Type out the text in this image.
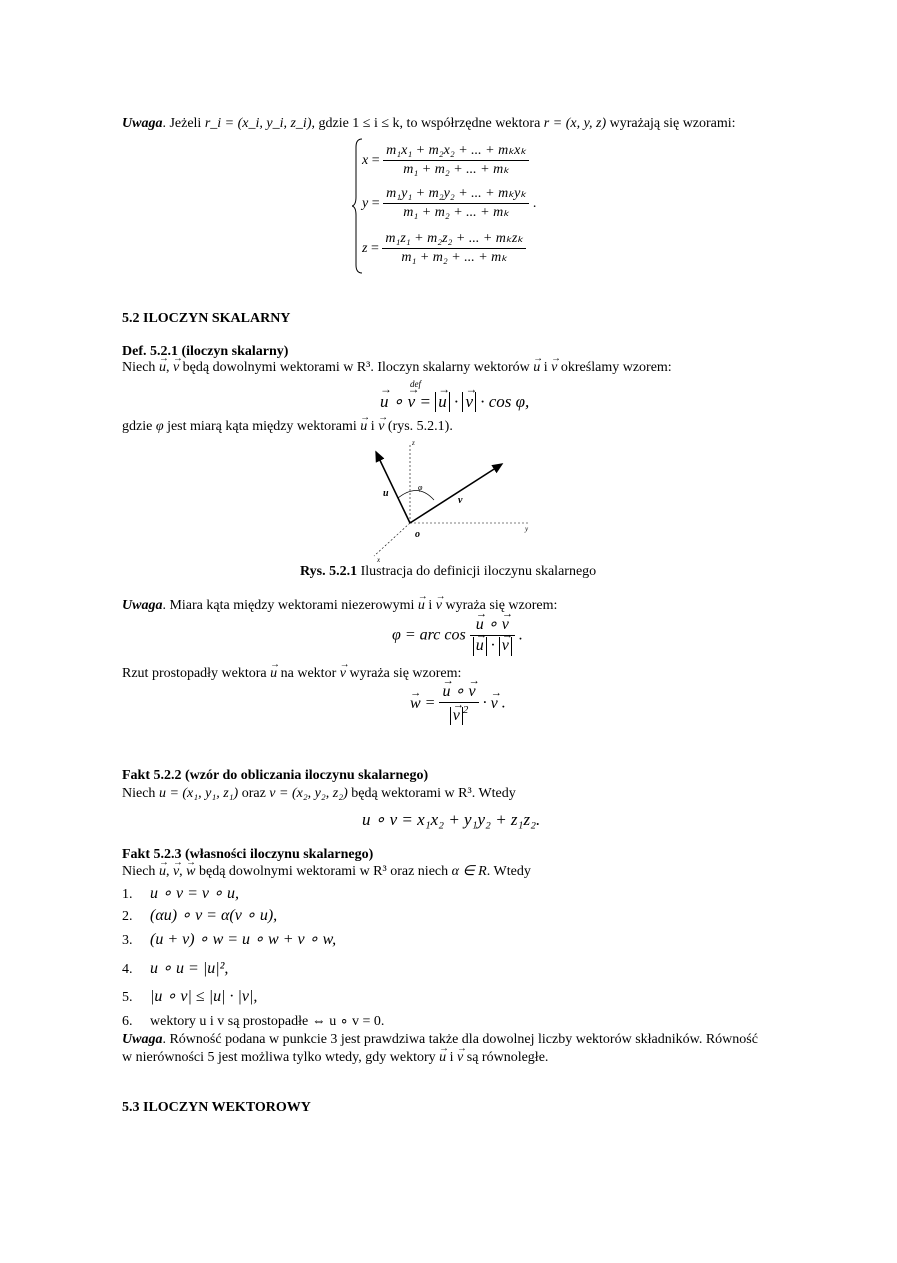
Uwaga. Jeżeli r_i = (x_i, y_i, z_i), gdzie 1 ≤ i ≤ k, to współrzędne wektora r = (x, y, z) wyrażają się wzorami:
$x = \frac{\text{m₁x₁ + m₂x₂ + ... + mₖxₖ}}{\text{m₁ + m₂ + ... + mₖ}}$
$y = \frac{\text{m₁y₁ + m₂y₂ + ... + mₖyₖ}}{\text{m₁ + m₂ + ... + mₖ}}$ .
$z = \frac{\text{m₁z₁ + m₂z₂ + ... + mₖzₖ}}{\text{m₁ + m₂ + ... + mₖ}}$
5.2 ILOCZYN SKALARNY
Def. 5.2.1 (iloczyn skalarny)
Niech → u, → v będą dowolnymi wektorami w R³. Iloczyn skalarny wektorów → u i → v określamy wzorem:
def
→ u ∘ → v = → u · → v · cos φ,
gdzie φ jest miarą kąta między wektorami → u i → v (rys. 5.2.1).
u
v
o
φ
y
x
z
Rys. 5.2.1 Ilustracja do definicji iloczynu skalarnego
Uwaga. Miara kąta między wektorami niezerowymi → u i → v wyraża się wzorem:
φ = arc cos → u ∘ → v
→ u · → v .
Rzut prostopadły wektora → u na wektor → v wyraża się wzorem:
→ w = → u ∘ → v
→ v $^2$ · → v .
Fakt 5.2.2 (wzór do obliczania iloczynu skalarnego)
Niech u = (x₁, y₁, z₁) oraz v = (x₂, y₂, z₂) będą wektorami w R³. Wtedy
u ∘ v = x₁x₂ + y₁y₂ + z₁z₂.
Fakt 5.2.3 (własności iloczynu skalarnego)
Niech → u, → v, → w będą dowolnymi wektorami w R³ oraz niech α ∈ R. Wtedy
1. u ∘ v = v ∘ u,
2. (αu) ∘ v = α(v ∘ u),
3. (u + v) ∘ w = u ∘ w + v ∘ w,
4. u ∘ u = |u|²,
5. |u ∘ v| ≤ |u| · |v|,
6. wektory u i v są prostopadłe ⇔ u ∘ v = 0.
Uwaga. Równość podana w punkcie 3 jest prawdziwa także dla dowolnej liczby wektorów składników. Równość
w nierówności 5 jest możliwa tylko wtedy, gdy wektory → u i → v są równoległe.
5.3 ILOCZYN WEKTOROWY
